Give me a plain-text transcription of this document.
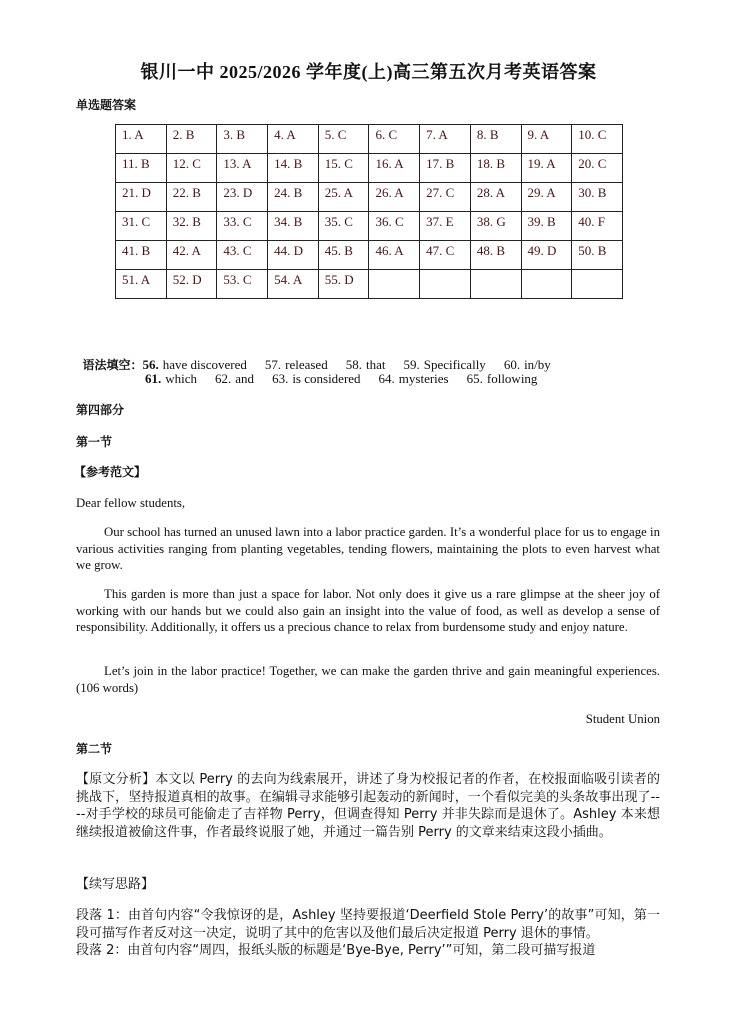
银川一中 2025/2026 学年度(上)高三第五次月考英语答案
单选题答案
1. A	2. B	3. B	4. A	5. C	6. C	7. A	8. B	9. A	10. C
11. B	12. C	13. A	14. B	15. C	16. A	17. B	18. B	19. A	20. C
21. D	22. B	23. D	24. B	25. A	26. A	27. C	28. A	29. A	30. B
31. C	32. B	33. C	34. B	35. C	36. C	37. E	38. G	39. B	40. F
41. B	42. A	43. C	44. D	45. B	46. A	47. C	48. B	49. D	50. B
51. A	52. D	53. C	54. A	55. D					

语法填空：56. have discovered 57. released 58. that 59. Specifically 60. in/by

61. which 62. and 63. is considered 64. mysteries 65. following
第四部分
第一节
【参考范文】
Dear fellow students,
Our school has turned an unused lawn into a labor practice garden. It’s a wonderful place for us to engage in various activities ranging from planting vegetables, tending flowers, maintaining the plots to even harvest what we grow.
This garden is more than just a space for labor. Not only does it give us a rare glimpse at the sheer joy of working with our hands but we could also gain an insight into the value of food, as well as develop a sense of responsibility. Additionally, it offers us a precious chance to relax from burdensome study and enjoy nature.
Let’s join in the labor practice! Together, we can make the garden thrive and gain meaningful experiences.(106 words)
Student Union
第二节
【原文分析】本文以 Perry 的去向为线索展开，讲述了身为校报记者的作者，在校报面临吸引读者的挑战下，坚持报道真相的故事。在编辑寻求能够引起轰动的新闻时，一个看似完美的头条故事出现了----对手学校的球员可能偷走了吉祥物 Perry，但调查得知 Perry 并非失踪而是退休了。Ashley 本来想继续报道被偷这件事，作者最终说服了她，并通过一篇告别 Perry 的文章来结束这段小插曲。
【续写思路】

段落 1：由首句内容“令我惊讶的是，Ashley 坚持要报道‘Deerfield Stole Perry’的故事”可知，第一段可描写作者反对这一决定，说明了其中的危害以及他们最后决定报道 Perry 退休的事情。

段落 2：由首句内容“周四，报纸头版的标题是‘Bye-Bye, Perry’”可知，第二段可描写报道
